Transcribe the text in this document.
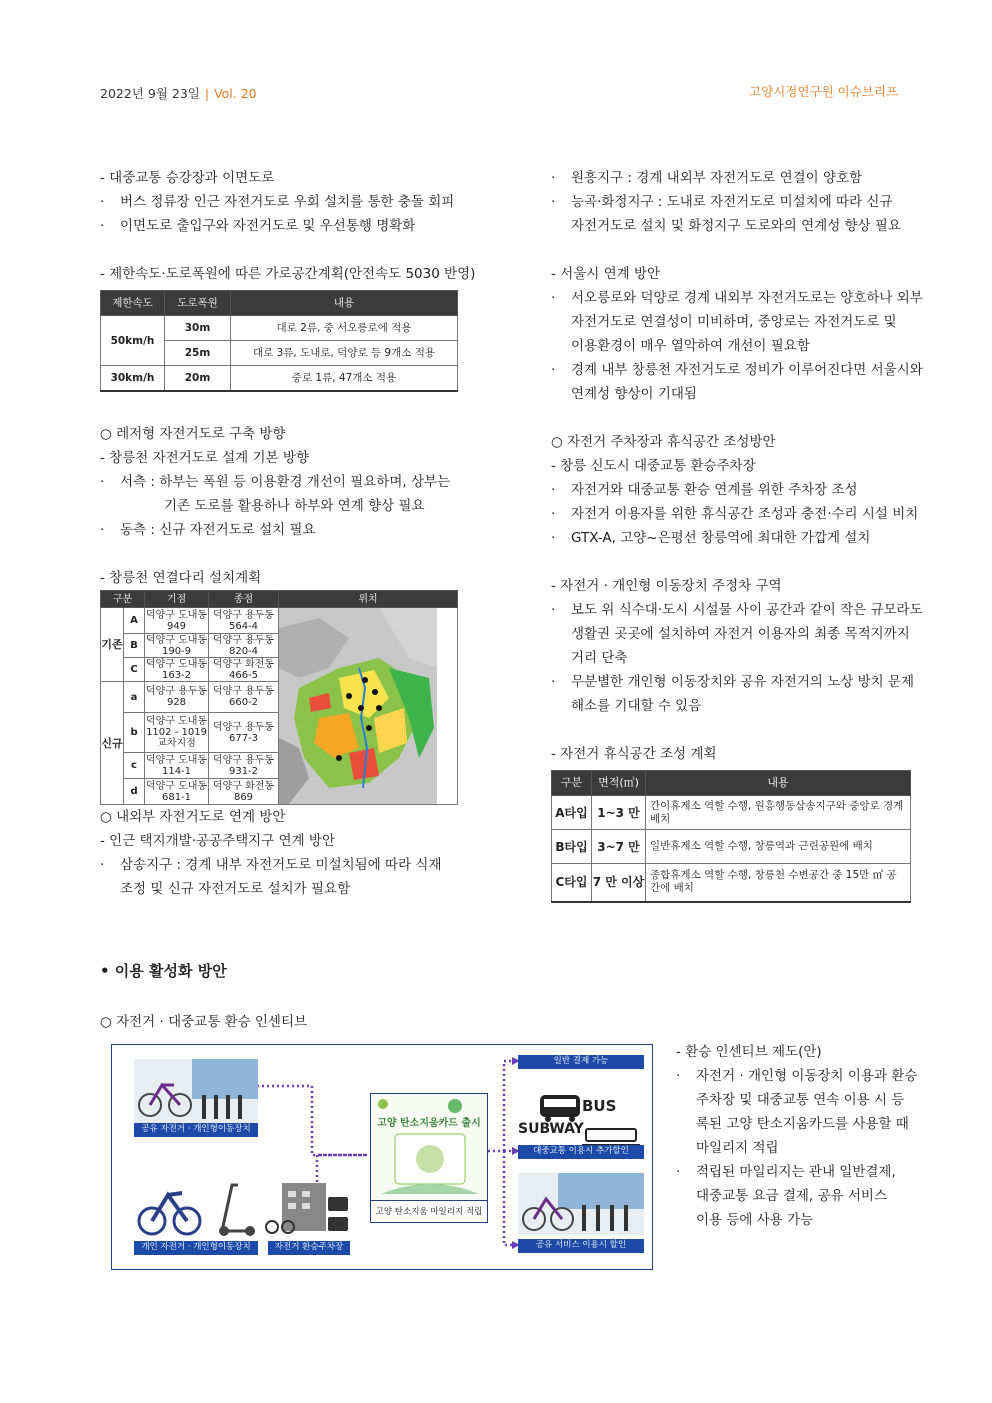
2022년 9월 23일 | Vol. 20	고양시정연구원 이슈브리프
- 대중교통 승강장과 이면도로
· 버스 정류장 인근 자전거도로 우회 설치를 통한 충돌 회피
· 이면도로 출입구와 자전거도로 및 우선통행 명확화
- 제한속도·도로폭원에 따른 가로공간계획(안전속도 5030 반영)
제한속도	도로폭원	내용
50km/h	30m	대로 2류, 중 서오릉로에 적용
	25m	대로 3류, 도내로, 덕양로 등 9개소 적용
30km/h	20m	중로 1류, 47개소 적용
○ 레저형 자전거도로 구축 방향
- 창릉천 자전거도로 설계 기본 방향
· 서측 : 하부는 폭원 등 이용환경 개선이 필요하며, 상부는
기존 도로를 활용하나 하부와 연계 향상 필요
· 동측 : 신규 자전거도로 설치 필요
- 창릉천 연결다리 설치계획
구분		기점	종점	위치
기존	A	덕양구 도내동 949	덕양구 용두동 564-4	

	B	덕양구 도내동 190-9	덕양구 용두동 820-4	
	C	덕양구 도내동 163-2	덕양구 화전동 466-5	
신규	a	덕양구 용두동 928	덕양구 용두동 660-2	
	b	덕양구 도내동 1102 - 1019 교차지점	덕양구 용두동 677-3	
	c	덕양구 도내동 114-1	덕양구 용두동 931-2	
	d	덕양구 도내동 681-1	덕양구 화전동 869	
○ 내외부 자전거도로 연계 방안
- 인근 택지개발·공공주택지구 연계 방안
· 삼송지구 : 경계 내부 자전거도로 미설치됨에 따라 식재
조정 및 신규 자전거도로 설치가 필요함
· 원흥지구 : 경계 내외부 자전거도로 연결이 양호함
· 능곡·화정지구 : 도내로 자전거도로 미설치에 따라 신규
자전거도로 설치 및 화정지구 도로와의 연계성 향상 필요
- 서울시 연계 방안
· 서오릉로와 덕양로 경계 내외부 자전거도로는 양호하나 외부
자전거도로 연결성이 미비하며, 중앙로는 자전거도로 및
이용환경이 매우 열악하여 개선이 필요함
· 경계 내부 창릉천 자전거도로 정비가 이루어진다면 서울시와
연계성 향상이 기대됨
○ 자전거 주차장과 휴식공간 조성방안
- 창릉 신도시 대중교통 환승주차장
· 자전거와 대중교통 환승 연계를 위한 주차장 조성
· 자전거 이용자를 위한 휴식공간 조성과 충전·수리 시설 비치
· GTX-A, 고양~은평선 창릉역에 최대한 가깝게 설치
- 자전거 · 개인형 이동장치 주정차 구역
· 보도 위 식수대·도시 시설물 사이 공간과 같이 작은 규모라도
생활권 곳곳에 설치하여 자전거 이용자의 최종 목적지까지
거리 단축
· 무분별한 개인형 이동장치와 공유 자전거의 노상 방치 문제
해소를 기대할 수 있음
- 자전거 휴식공간 조성 계획
구분	면적(㎡)	내용
A타입	1~3 만	간이휴게소 역할 수행, 원흥행동삼송지구와 중앙로 경계 배치
B타입	3~7 만	일반휴게소 역할 수행, 창릉역과 근린공원에 배치
C타입	7 만 이상	종합휴게소 역할 수행, 창릉천 수변공간 중 15만 ㎡ 공간에 배치
• 이용 활성화 방안
○ 자전거 · 대중교통 환승 인센티브
공유 자전거 · 개인형이동장치
개인 자전거 · 개인형이동장치	자전거 환승주차장
고양 탄소지움카드 출시
고양 탄소지움 마일리지 적립
일반 결제 가능
BUS
SUBWAY
대중교통 이용시 추가할인
공유 서비스 이용시 할인
- 환승 인센티브 제도(안)
· 자전거 · 개인형 이동장치 이용과 환승
주차장 및 대중교통 연속 이용 시 등
록된 고양 탄소지움카드를 사용할 때
마일리지 적립
· 적립된 마일리지는 관내 일반결제,
대중교통 요금 결제, 공유 서비스
이용 등에 사용 가능
